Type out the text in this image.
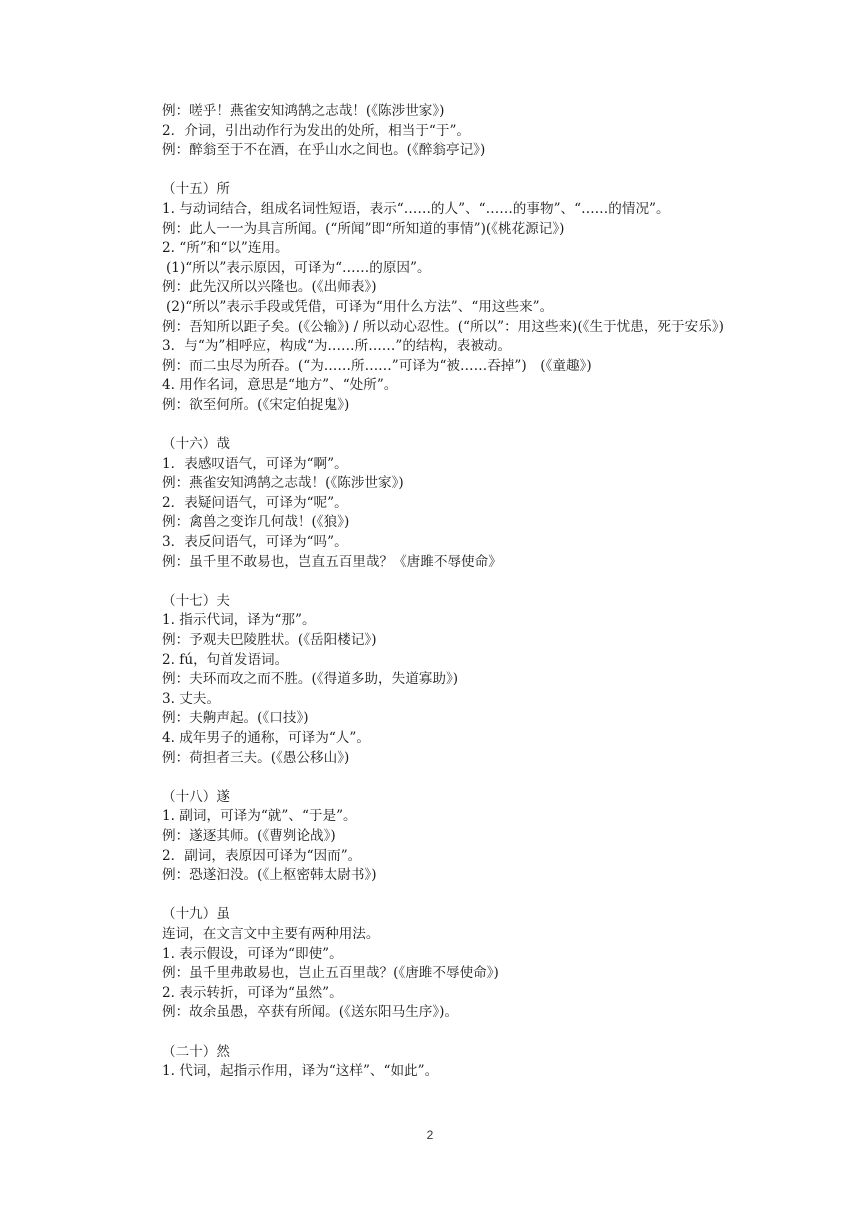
例：嗟乎！燕雀安知鸿鹄之志哉！(《陈涉世家》)

2．介词，引出动作行为发出的处所，相当于“于”。

例：醉翁至于不在酒，在乎山水之间也。(《醉翁亭记》)

（十五）所

1. 与动词结合，组成名词性短语，表示“……的人”、“……的事物”、“……的情况”。

例：此人一一为具言所闻。(“所闻”即“所知道的事情”)(《桃花源记》)

2. “所”和“以”连用。

(1)“所以”表示原因，可译为“……的原因”。

例：此先汉所以兴隆也。(《出师表》)

(2)“所以”表示手段或凭借，可译为“用什么方法”、“用这些来”。

例：吾知所以距子矣。(《公输》) / 所以动心忍性。(“所以”：用这些来)(《生于忧患，死于安乐》)

3．与“为”相呼应，构成“为……所……”的结构，表被动。

例：而二虫尽为所吞。(“为……所……”可译为“被……吞掉”)　(《童趣》)

4. 用作名词，意思是“地方”、“处所”。

例：欲至何所。(《宋定伯捉鬼》)

（十六）哉

1．表感叹语气，可译为“啊”。

例：燕雀安知鸿鹄之志哉！(《陈涉世家》)

2．表疑问语气，可译为“呢”。

例：禽兽之变诈几何哉！(《狼》)

3．表反问语气，可译为“吗”。

例：虽千里不敢易也，岂直五百里哉？《唐雎不辱使命》

（十七）夫

1. 指示代词，译为“那”。

例：予观夫巴陵胜状。(《岳阳楼记》)

2. fú，句首发语词。

例：夫环而攻之而不胜。(《得道多助，失道寡助》)

3. 丈夫。

例：夫齁声起。(《口技》)

4. 成年男子的通称，可译为“人”。

例：荷担者三夫。(《愚公移山》)

（十八）遂

1. 副词，可译为“就”、“于是”。

例：遂逐其师。(《曹刿论战》)

2．副词，表原因可译为“因而”。

例：恐遂汩没。(《上枢密韩太尉书》)

（十九）虽

连词，在文言文中主要有两种用法。

1. 表示假设，可译为“即使”。

例：虽千里弗敢易也，岂止五百里哉？(《唐雎不辱使命》)

2. 表示转折，可译为“虽然”。

例：故余虽愚，卒获有所闻。(《送东阳马生序》)。

（二十）然

1. 代词，起指示作用，译为“这样”、“如此”。

2
